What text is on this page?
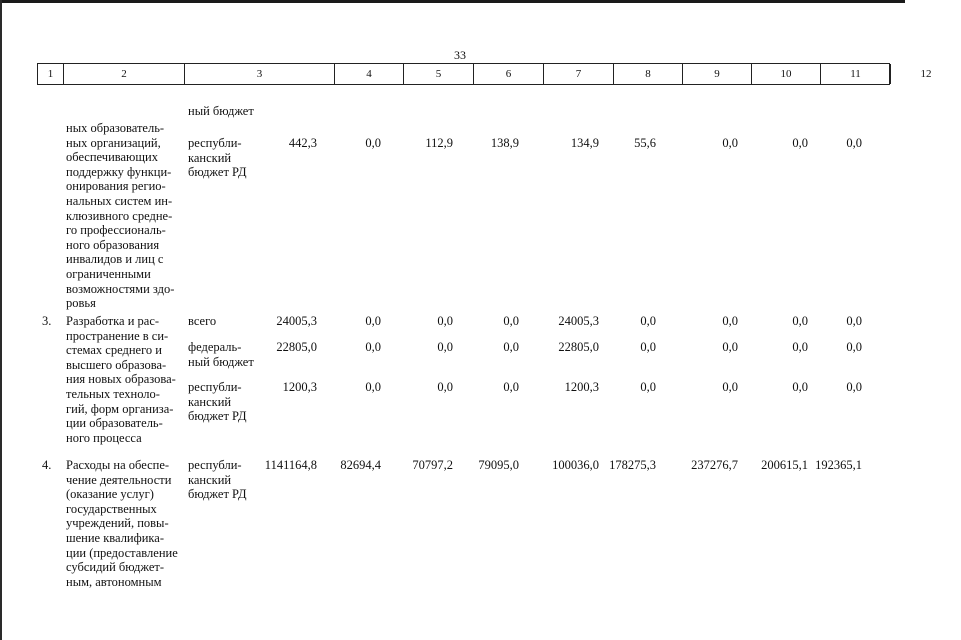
33
1	2	3	4	5	6	7	8	9	10	11	12
ный бюджет
ных образователь-
ных организаций,
обеспечивающих
поддержку функци-
онирования регио-
нальных систем ин-
клюзивного средне-
го профессиональ-
ного образования
инвалидов и лиц с
ограниченными
возможностями здо-
ровья
республи-
канский
бюджет РД
442,3	0,0	112,9	138,9	134,9	55,6	0,0	0,0	0,0
3. Разработка и рас-
пространение в си-
стемах среднего и
высшего образова-
ния новых образова-
тельных техноло-
гий, форм организа-
ции образователь-
ного процесса
всего	24005,3	0,0	0,0	0,0	24005,3	0,0	0,0	0,0	0,0
федераль-
ный бюджет
22805,0	0,0	0,0	0,0	22805,0	0,0	0,0	0,0	0,0
республи-
канский
бюджет РД
1200,3	0,0	0,0	0,0	1200,3	0,0	0,0	0,0	0,0
4. Расходы на обеспе-
чение деятельности
(оказание услуг)
государственных
учреждений, повы-
шение квалифика-
ции (предоставление
субсидий бюджет-
ным, автономным
республи-
канский
бюджет РД
1141164,8	82694,4	70797,2	79095,0	100036,0 178275,3	237276,7	200615,1 192365,1
